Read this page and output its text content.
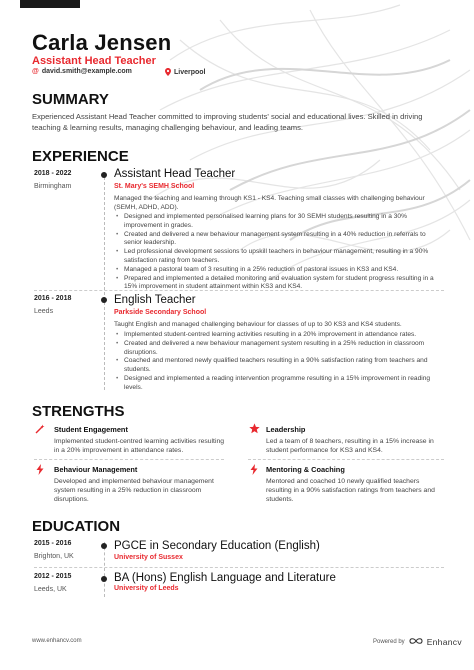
Carla Jensen
Assistant Head Teacher
@ david.smith@example.com	Liverpool
SUMMARY
Experienced Assistant Head Teacher committed to improving students' social and educational lives. Skilled in driving teaching & learning results, managing challenging behaviour, and leading teams.
EXPERIENCE
2018 - 2022
Birmingham
Assistant Head Teacher
St. Mary's SEMH School
Managed the teaching and learning through KS1 - KS4. Teaching small classes with challenging behaviour (SEMH, ADHD, ADD).
• Designed and implemented personalised learning plans for 30 SEMH students resulting in a 30% improvement in grades.
• Created and delivered a new behaviour management system resulting in a 40% reduction in referrals to senior leadership.
• Led professional development sessions to upskill teachers in behaviour management, resulting in a 90% satisfaction rating from teachers.
• Managed a pastoral team of 3 resulting in a 25% reduction of pastoral issues in KS3 and KS4.
• Prepared and implemented a detailed monitoring and evaluation system for student progress resulting in a 15% improvement in student attainment within KS3 and KS4.
2016 - 2018
Leeds
English Teacher
Parkside Secondary School
Taught English and managed challenging behaviour for classes of up to 30 KS3 and KS4 students.
• Implemented student-centred learning activities resulting in a 20% improvement in attendance rates.
• Created and delivered a new behaviour management system resulting in a 25% reduction in classroom disruptions.
• Coached and mentored newly qualified teachers resulting in a 90% satisfaction rating from teachers and students.
• Designed and implemented a reading intervention programme resulting in a 15% improvement in reading levels.
STRENGTHS
Student Engagement
Implemented student-centred learning activities resulting in a 20% improvement in attendance rates.
Leadership
Led a team of 8 teachers, resulting in a 15% increase in student performance for KS3 and KS4.
Behaviour Management
Developed and implemented behaviour management system resulting in a 25% reduction in classroom disruptions.
Mentoring & Coaching
Mentored and coached 10 newly qualified teachers resulting in a 90% satisfaction ratings from teachers and students.
EDUCATION
2015 - 2016
Brighton, UK
PGCE in Secondary Education (English)
University of Sussex
2012 - 2015
Leeds, UK
BA (Hons) English Language and Literature
University of Leeds
www.enhancv.com	Powered by	Enhancv
